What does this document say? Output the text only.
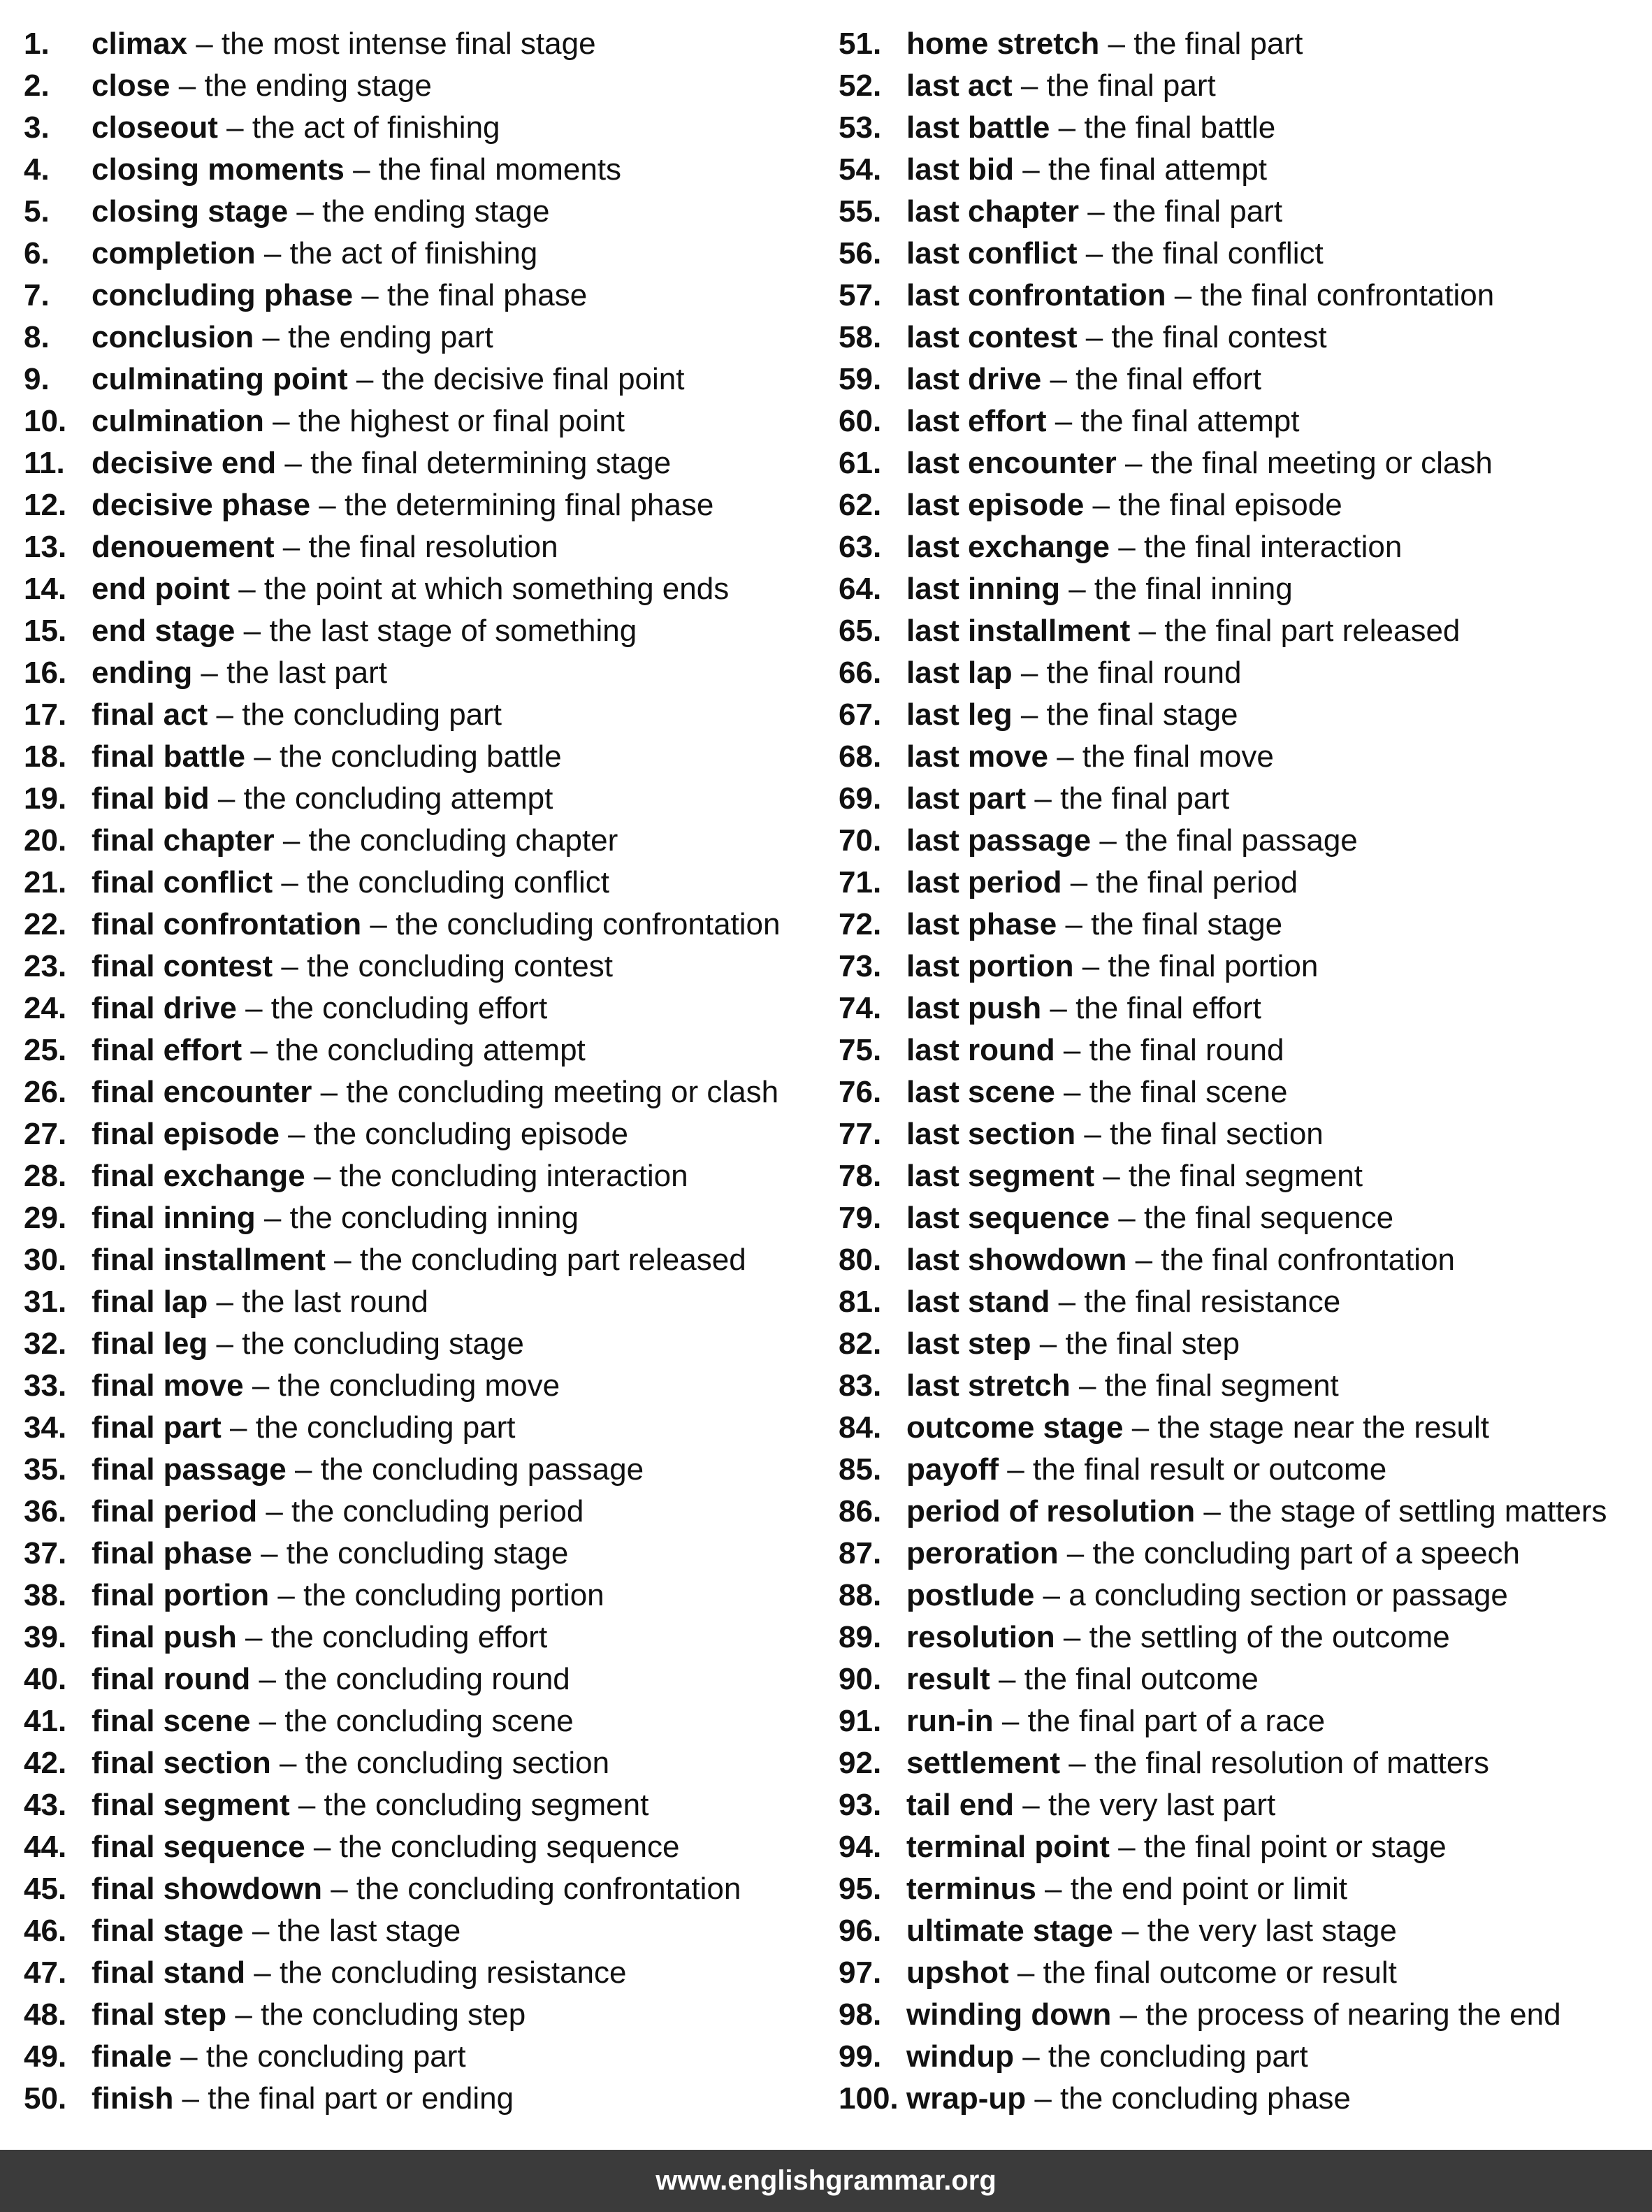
1. climax – the most intense final stage
2. close – the ending stage
3. closeout – the act of finishing
4. closing moments – the final moments
5. closing stage – the ending stage
6. completion – the act of finishing
7. concluding phase – the final phase
8. conclusion – the ending part
9. culminating point – the decisive final point
10. culmination – the highest or final point
11. decisive end – the final determining stage
12. decisive phase – the determining final phase
13. denouement – the final resolution
14. end point – the point at which something ends
15. end stage – the last stage of something
16. ending – the last part
17. final act – the concluding part
18. final battle – the concluding battle
19. final bid – the concluding attempt
20. final chapter – the concluding chapter
21. final conflict – the concluding conflict
22. final confrontation – the concluding confrontation
23. final contest – the concluding contest
24. final drive – the concluding effort
25. final effort – the concluding attempt
26. final encounter – the concluding meeting or clash
27. final episode – the concluding episode
28. final exchange – the concluding interaction
29. final inning – the concluding inning
30. final installment – the concluding part released
31. final lap – the last round
32. final leg – the concluding stage
33. final move – the concluding move
34. final part – the concluding part
35. final passage – the concluding passage
36. final period – the concluding period
37. final phase – the concluding stage
38. final portion – the concluding portion
39. final push – the concluding effort
40. final round – the concluding round
41. final scene – the concluding scene
42. final section – the concluding section
43. final segment – the concluding segment
44. final sequence – the concluding sequence
45. final showdown – the concluding confrontation
46. final stage – the last stage
47. final stand – the concluding resistance
48. final step – the concluding step
49. finale – the concluding part
50. finish – the final part or ending
51. home stretch – the final part
52. last act – the final part
53. last battle – the final battle
54. last bid – the final attempt
55. last chapter – the final part
56. last conflict – the final conflict
57. last confrontation – the final confrontation
58. last contest – the final contest
59. last drive – the final effort
60. last effort – the final attempt
61. last encounter – the final meeting or clash
62. last episode – the final episode
63. last exchange – the final interaction
64. last inning – the final inning
65. last installment – the final part released
66. last lap – the final round
67. last leg – the final stage
68. last move – the final move
69. last part – the final part
70. last passage – the final passage
71. last period – the final period
72. last phase – the final stage
73. last portion – the final portion
74. last push – the final effort
75. last round – the final round
76. last scene – the final scene
77. last section – the final section
78. last segment – the final segment
79. last sequence – the final sequence
80. last showdown – the final confrontation
81. last stand – the final resistance
82. last step – the final step
83. last stretch – the final segment
84. outcome stage – the stage near the result
85. payoff – the final result or outcome
86. period of resolution – the stage of settling matters
87. peroration – the concluding part of a speech
88. postlude – a concluding section or passage
89. resolution – the settling of the outcome
90. result – the final outcome
91. run-in – the final part of a race
92. settlement – the final resolution of matters
93. tail end – the very last part
94. terminal point – the final point or stage
95. terminus – the end point or limit
96. ultimate stage – the very last stage
97. upshot – the final outcome or result
98. winding down – the process of nearing the end
99. windup – the concluding part
100. wrap-up – the concluding phase
www.englishgrammar.org
